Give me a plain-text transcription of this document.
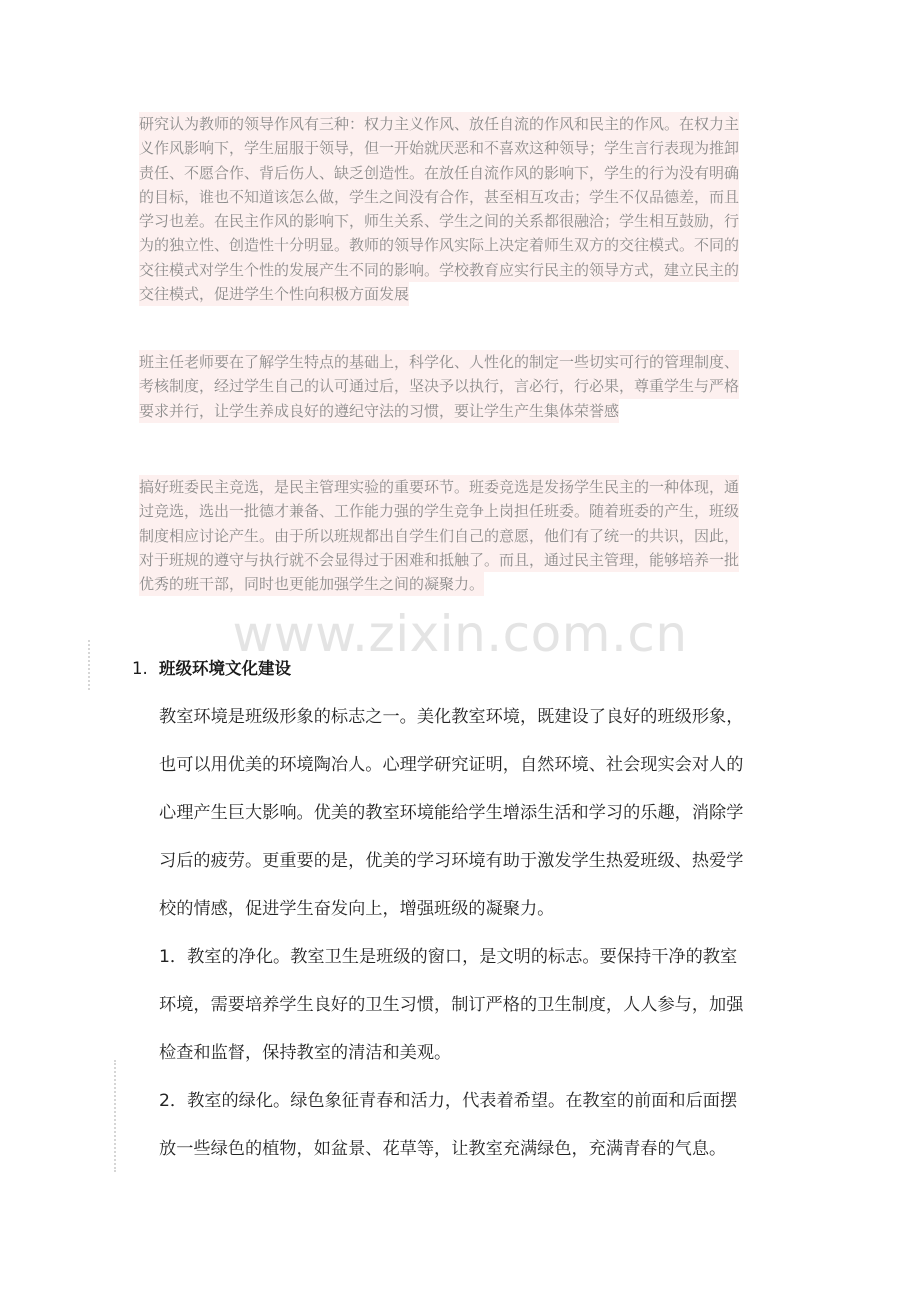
研究认为教师的领导作风有三种：权力主义作风、放任自流的作风和民主的作风。在权力主
义作风影响下，学生屈服于领导，但一开始就厌恶和不喜欢这种领导；学生言行表现为推卸
责任、不愿合作、背后伤人、缺乏创造性。在放任自流作风的影响下，学生的行为没有明确
的目标，谁也不知道该怎么做，学生之间没有合作，甚至相互攻击；学生不仅品德差，而且
学习也差。在民主作风的影响下，师生关系、学生之间的关系都很融洽；学生相互鼓励，行
为的独立性、创造性十分明显。教师的领导作风实际上决定着师生双方的交往模式。不同的
交往模式对学生个性的发展产生不同的影响。学校教育应实行民主的领导方式，建立民主的
交往模式，促进学生个性向积极方面发展
班主任老师要在了解学生特点的基础上，科学化、人性化的制定一些切实可行的管理制度、
考核制度，经过学生自己的认可通过后，坚决予以执行，言必行，行必果，尊重学生与严格
要求并行，让学生养成良好的遵纪守法的习惯，要让学生产生集体荣誉感
搞好班委民主竞选，是民主管理实验的重要环节。班委竞选是发扬学生民主的一种体现，通
过竞选，选出一批德才兼备、工作能力强的学生竞争上岗担任班委。随着班委的产生，班级
制度相应讨论产生。由于所以班规都出自学生们自己的意愿，他们有了统一的共识，因此，
对于班规的遵守与执行就不会显得过于困难和抵触了。而且，通过民主管理，能够培养一批
优秀的班干部，同时也更能加强学生之间的凝聚力。
www.zixin.com.cn
1. 班级环境文化建设
教室环境是班级形象的标志之一。美化教室环境，既建设了良好的班级形象，
也可以用优美的环境陶冶人。心理学研究证明，自然环境、社会现实会对人的
心理产生巨大影响。优美的教室环境能给学生增添生活和学习的乐趣，消除学
习后的疲劳。更重要的是，优美的学习环境有助于激发学生热爱班级、热爱学
校的情感，促进学生奋发向上，增强班级的凝聚力。
1．教室的净化。教室卫生是班级的窗口，是文明的标志。要保持干净的教室
环境，需要培养学生良好的卫生习惯，制订严格的卫生制度，人人参与，加强
检查和监督，保持教室的清洁和美观。
2．教室的绿化。绿色象征青春和活力，代表着希望。在教室的前面和后面摆
放一些绿色的植物，如盆景、花草等，让教室充满绿色，充满青春的气息。
